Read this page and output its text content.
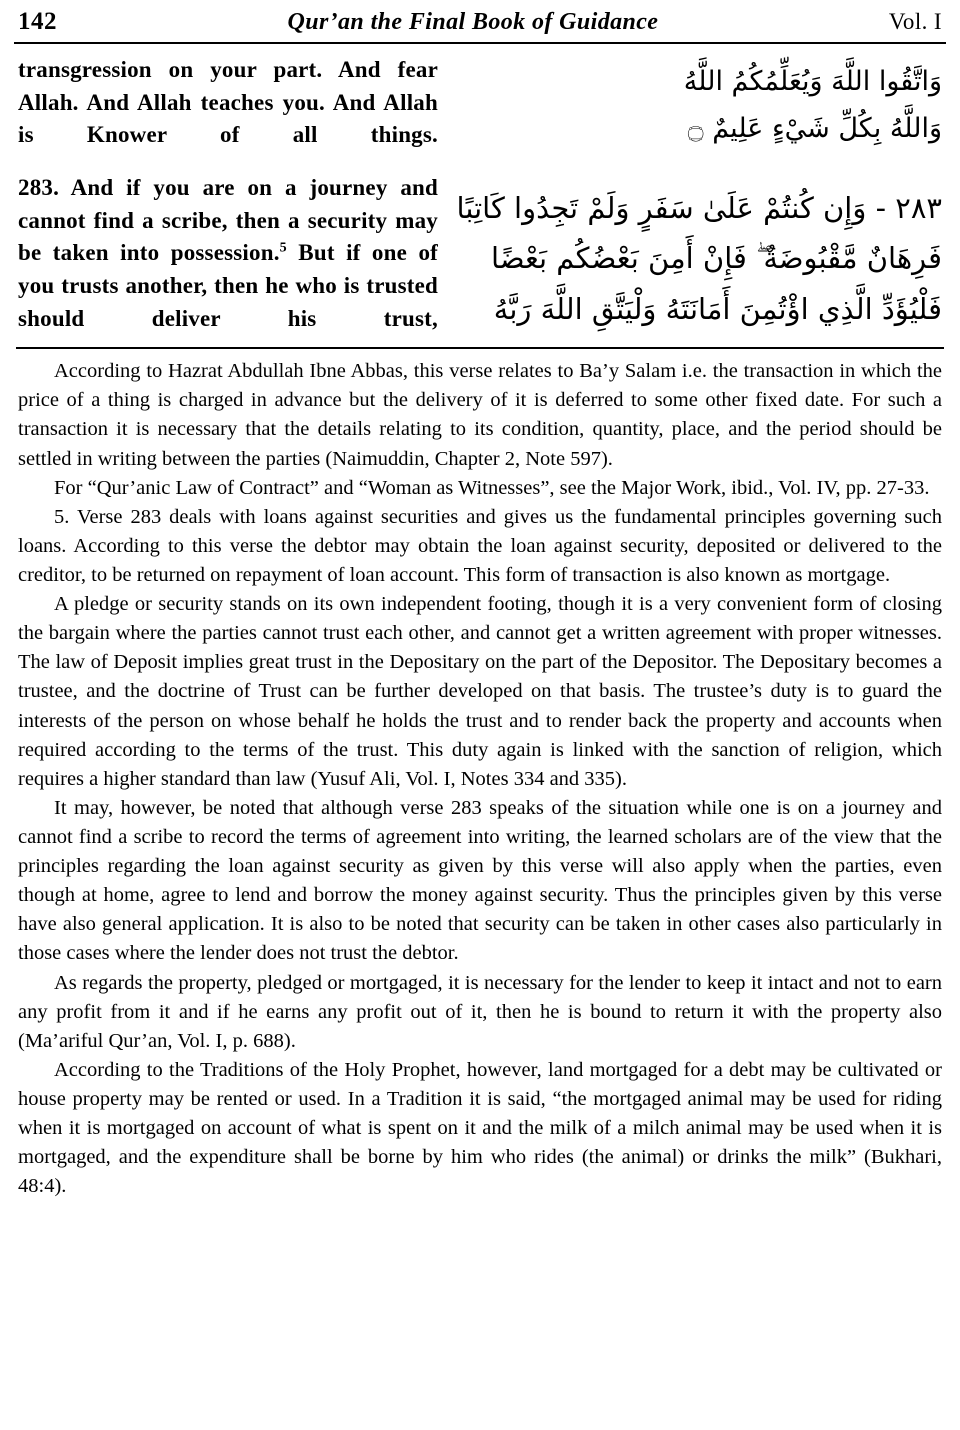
142	Qur’an the Final Book of Guidance	Vol. I

transgression on your part. And fear Allah. And Allah teaches you. And Allah is Knower of all things.

283. And if you are on a journey and cannot find a scribe, then a security may be taken into possession.$^5$ But if one of you trusts another, then he who is trusted should deliver his trust,

وَاتَّقُوا اللَّهَ وَيُعَلِّمُكُمُ اللَّهُ

وَاللَّهُ بِكُلِّ شَيْءٍ عَلِيمٌ ۝

٢٨٣ - وَإِن كُنتُمْ عَلَىٰ سَفَرٍ وَلَمْ تَجِدُوا كَاتِبًا

فَرِهَانٌ مَّقْبُوضَةٌ ۖ فَإِنْ أَمِنَ بَعْضُكُم بَعْضًا

فَلْيُؤَدِّ الَّذِي اؤْتُمِنَ أَمَانَتَهُ وَلْيَتَّقِ اللَّهَ رَبَّهُ

According to Hazrat Abdullah Ibne Abbas, this verse relates to Ba’y Salam i.e. the transaction in which the price of a thing is charged in advance but the delivery of it is deferred to some other fixed date. For such a transaction it is necessary that the details relating to its condition, quantity, place, and the period should be settled in writing between the parties (Naimuddin, Chapter 2, Note 597).

For “Qur’anic Law of Contract” and “Woman as Witnesses”, see the Major Work, ibid., Vol. IV, pp. 27-33.

5. Verse 283 deals with loans against securities and gives us the fundamental principles governing such loans. According to this verse the debtor may obtain the loan against security, deposited or delivered to the creditor, to be returned on repayment of loan account. This form of transaction is also known as mortgage.

A pledge or security stands on its own independent footing, though it is a very convenient form of closing the bargain where the parties cannot trust each other, and cannot get a written agreement with proper witnesses. The law of Deposit implies great trust in the Depositary on the part of the Depositor. The Depositary becomes a trustee, and the doctrine of Trust can be further developed on that basis. The trustee’s duty is to guard the interests of the person on whose behalf he holds the trust and to render back the property and accounts when required according to the terms of the trust. This duty again is linked with the sanction of religion, which requires a higher standard than law (Yusuf Ali, Vol. I, Notes 334 and 335).

It may, however, be noted that although verse 283 speaks of the situation while one is on a journey and cannot find a scribe to record the terms of agreement into writing, the learned scholars are of the view that the principles regarding the loan against security as given by this verse will also apply when the parties, even though at home, agree to lend and borrow the money against security. Thus the principles given by this verse have also general application. It is also to be noted that security can be taken in other cases also particularly in those cases where the lender does not trust the debtor.

As regards the property, pledged or mortgaged, it is necessary for the lender to keep it intact and not to earn any profit from it and if he earns any profit out of it, then he is bound to return it with the property also (Ma’ariful Qur’an, Vol. I, p. 688).

According to the Traditions of the Holy Prophet, however, land mortgaged for a debt may be cultivated or house property may be rented or used. In a Tradition it is said, “the mortgaged animal may be used for riding when it is mortgaged on account of what is spent on it and the milk of a milch animal may be used when it is mortgaged, and the expenditure shall be borne by him who rides (the animal) or drinks the milk” (Bukhari, 48:4).
